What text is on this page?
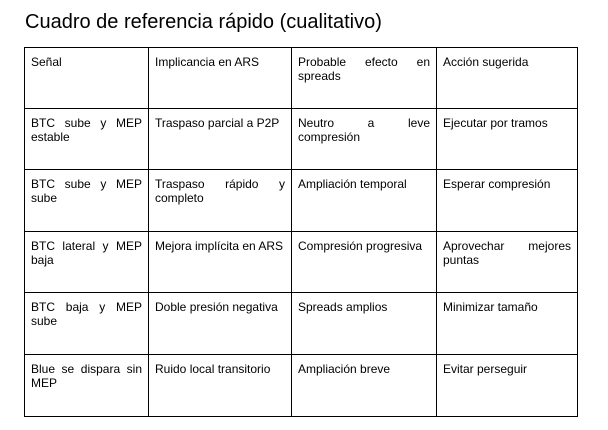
Cuadro de referencia rápido (cualitativo)
Señal	Implicancia en ARS	Probable efecto en spreads	Acción sugerida
BTC sube y MEP estable	Traspaso parcial a P2P	Neutro a leve compresión	Ejecutar por tramos
BTC sube y MEP sube	Traspaso rápido y completo	Ampliación temporal	Esperar compresión
BTC lateral y MEP baja	Mejora implícita en ARS	Compresión progresiva	Aprovechar mejores puntas
BTC baja y MEP sube	Doble presión negativa	Spreads amplios	Minimizar tamaño
Blue se dispara sin MEP	Ruido local transitorio	Ampliación breve	Evitar perseguir
